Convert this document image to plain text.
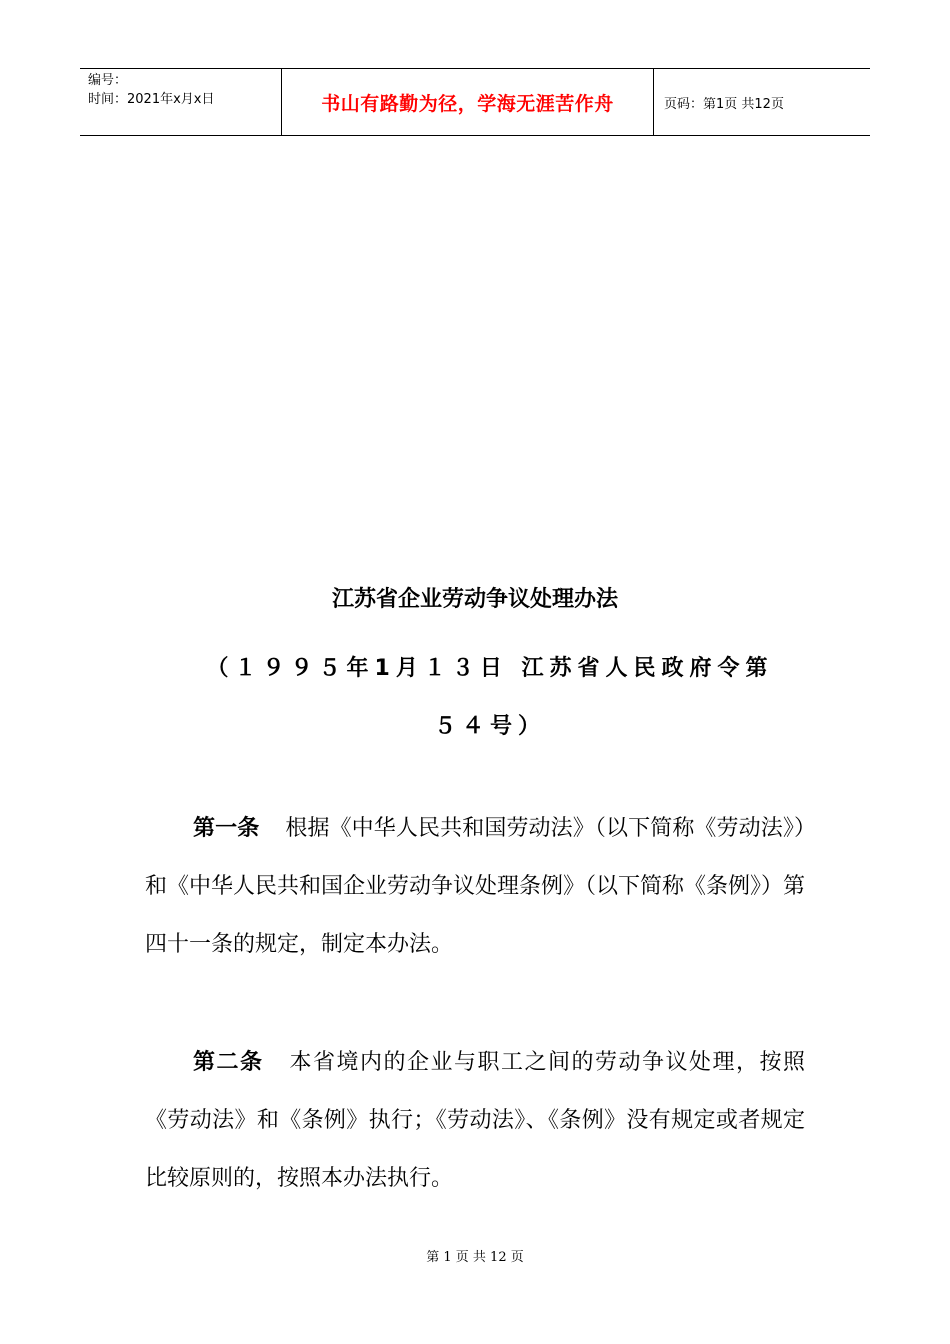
编号：
时间：2021年x月x日	书山有路勤为径，学海无涯苦作舟	页码：第1页 共12页
江苏省企业劳动争议处理办法
（１９９５年1月１３日 江苏省人民政府令第５４号）
第一条 根据《中华人民共和国劳动法》（以下简称《劳动法》）和《中华人民共和国企业劳动争议处理条例》（以下简称《条例》）第四十一条的规定，制定本办法。
第二条 本省境内的企业与职工之间的劳动争议处理，按照《劳动法》和《条例》执行；《劳动法》、《条例》没有规定或者规定比较原则的，按照本办法执行。
第 1 页 共 12 页
